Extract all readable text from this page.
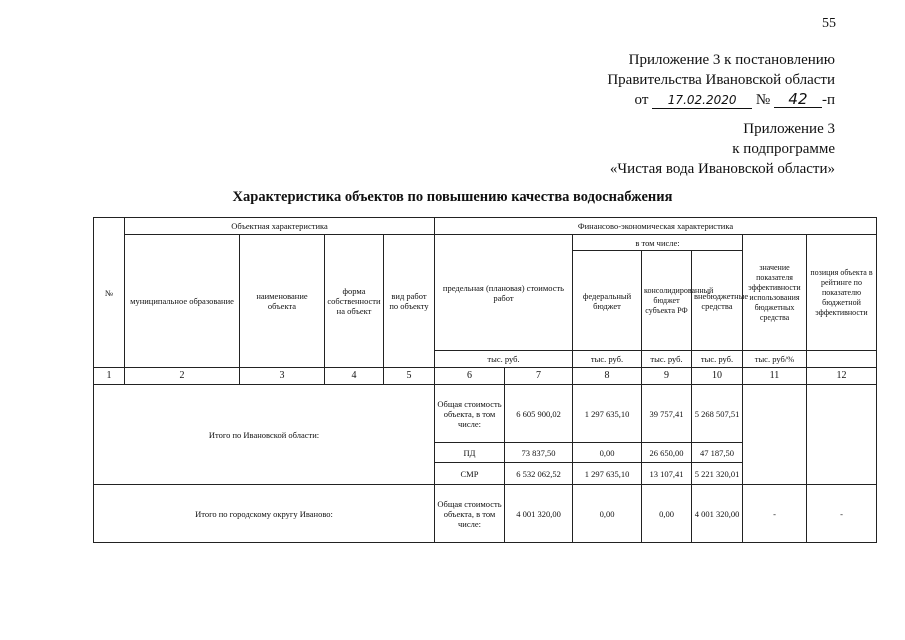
55
Приложение 3 к постановлению
Правительства Ивановской области
от 17.02.2020 № 42 -п
Приложение 3
к подпрограмме
«Чистая вода Ивановской области»
Характеристика объектов по повышению качества водоснабжения
№	Объектная характеристика				Финансово-экономическая характеристика						
	муниципальное образование	наименование объекта	форма собственности на объект	вид работ по объекту	предельная (плановая) стоимость работ		в том числе:			значение показателя эффективности использования бюджетных средства	позиция объекта в рейтинге по показателю бюджетной эффективности
							федеральный бюджет	консолидированный бюджет субъекта РФ	внебюджетные средства		
					тыс. руб.		тыс. руб.	тыс. руб.	тыс. руб.	тыс. руб/%	
1	2	3	4	5	6	7	8	9	10	11	12
Итого по Ивановской области:					Общая стоимость объекта, в том числе:	6 605 900,02	1 297 635,10	39 757,41	5 268 507,51		
					ПД	73 837,50	0,00	26 650,00	47 187,50		
					СМР	6 532 062,52	1 297 635,10	13 107,41	5 221 320,01		
Итого по городскому округу Иваново:					Общая стоимость объекта, в том числе:	4 001 320,00	0,00	0,00	4 001 320,00	-	-
